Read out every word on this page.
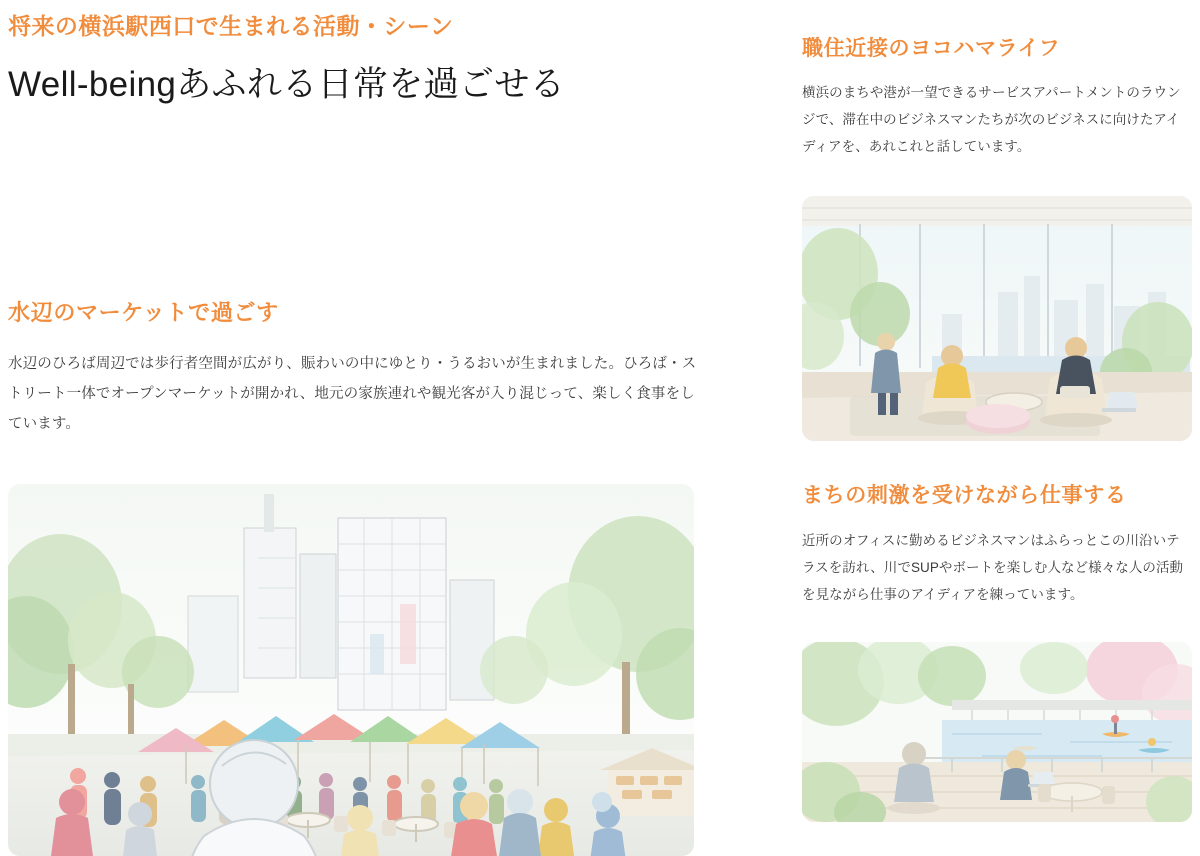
将来の横浜駅西口で生まれる活動・シーン

Well-beingあふれる日常を過ごせる
水辺のマーケットで過ごす

水辺のひろば周辺では歩行者空間が広がり、賑わいの中にゆとり・うるおいが生まれました。ひろば・ストリート一体でオープンマーケットが開かれ、地元の家族連れや観光客が入り混じって、楽しく食事をしています。

職住近接のヨコハマライフ

横浜のまちや港が一望できるサービスアパートメントのラウンジで、滞在中のビジネスマンたちが次のビジネスに向けたアイディアを、あれこれと話しています。

まちの刺激を受けながら仕事する

近所のオフィスに勤めるビジネスマンはふらっとこの川沿いテラスを訪れ、川でSUPやボートを楽しむ人など様々な人の活動を見ながら仕事のアイディアを練っています。
